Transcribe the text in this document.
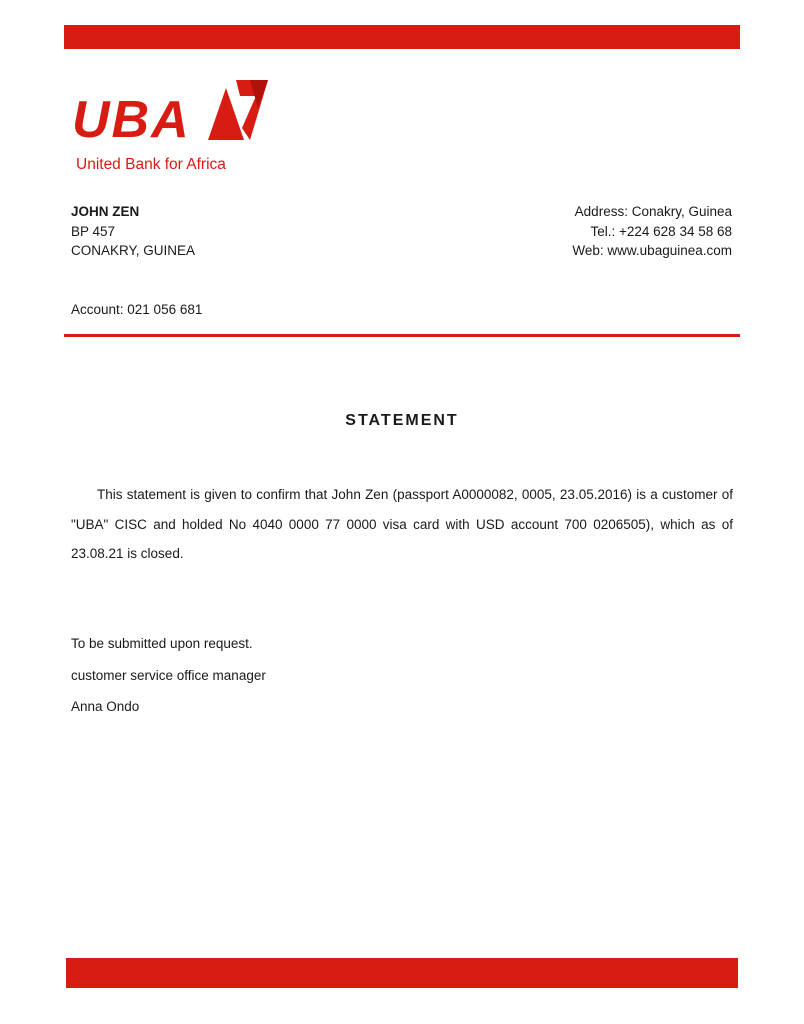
UBA
United Bank for Africa
JOHN ZEN
BP 457
CONAKRY, GUINEA
Address: Conakry, Guinea
Tel.: +224 628 34 58 68
Web: www.ubaguinea.com
Account: 021 056 681
STATEMENT
This statement is given to confirm that John Zen (passport A0000082, 0005, 23.05.2016) is a customer of "UBA" CISC and holded No 4040 0000 77 0000 visa card with USD account 700 0206505), which as of 23.08.21 is closed.
To be submitted upon request.
customer service office manager
Anna Ondo
